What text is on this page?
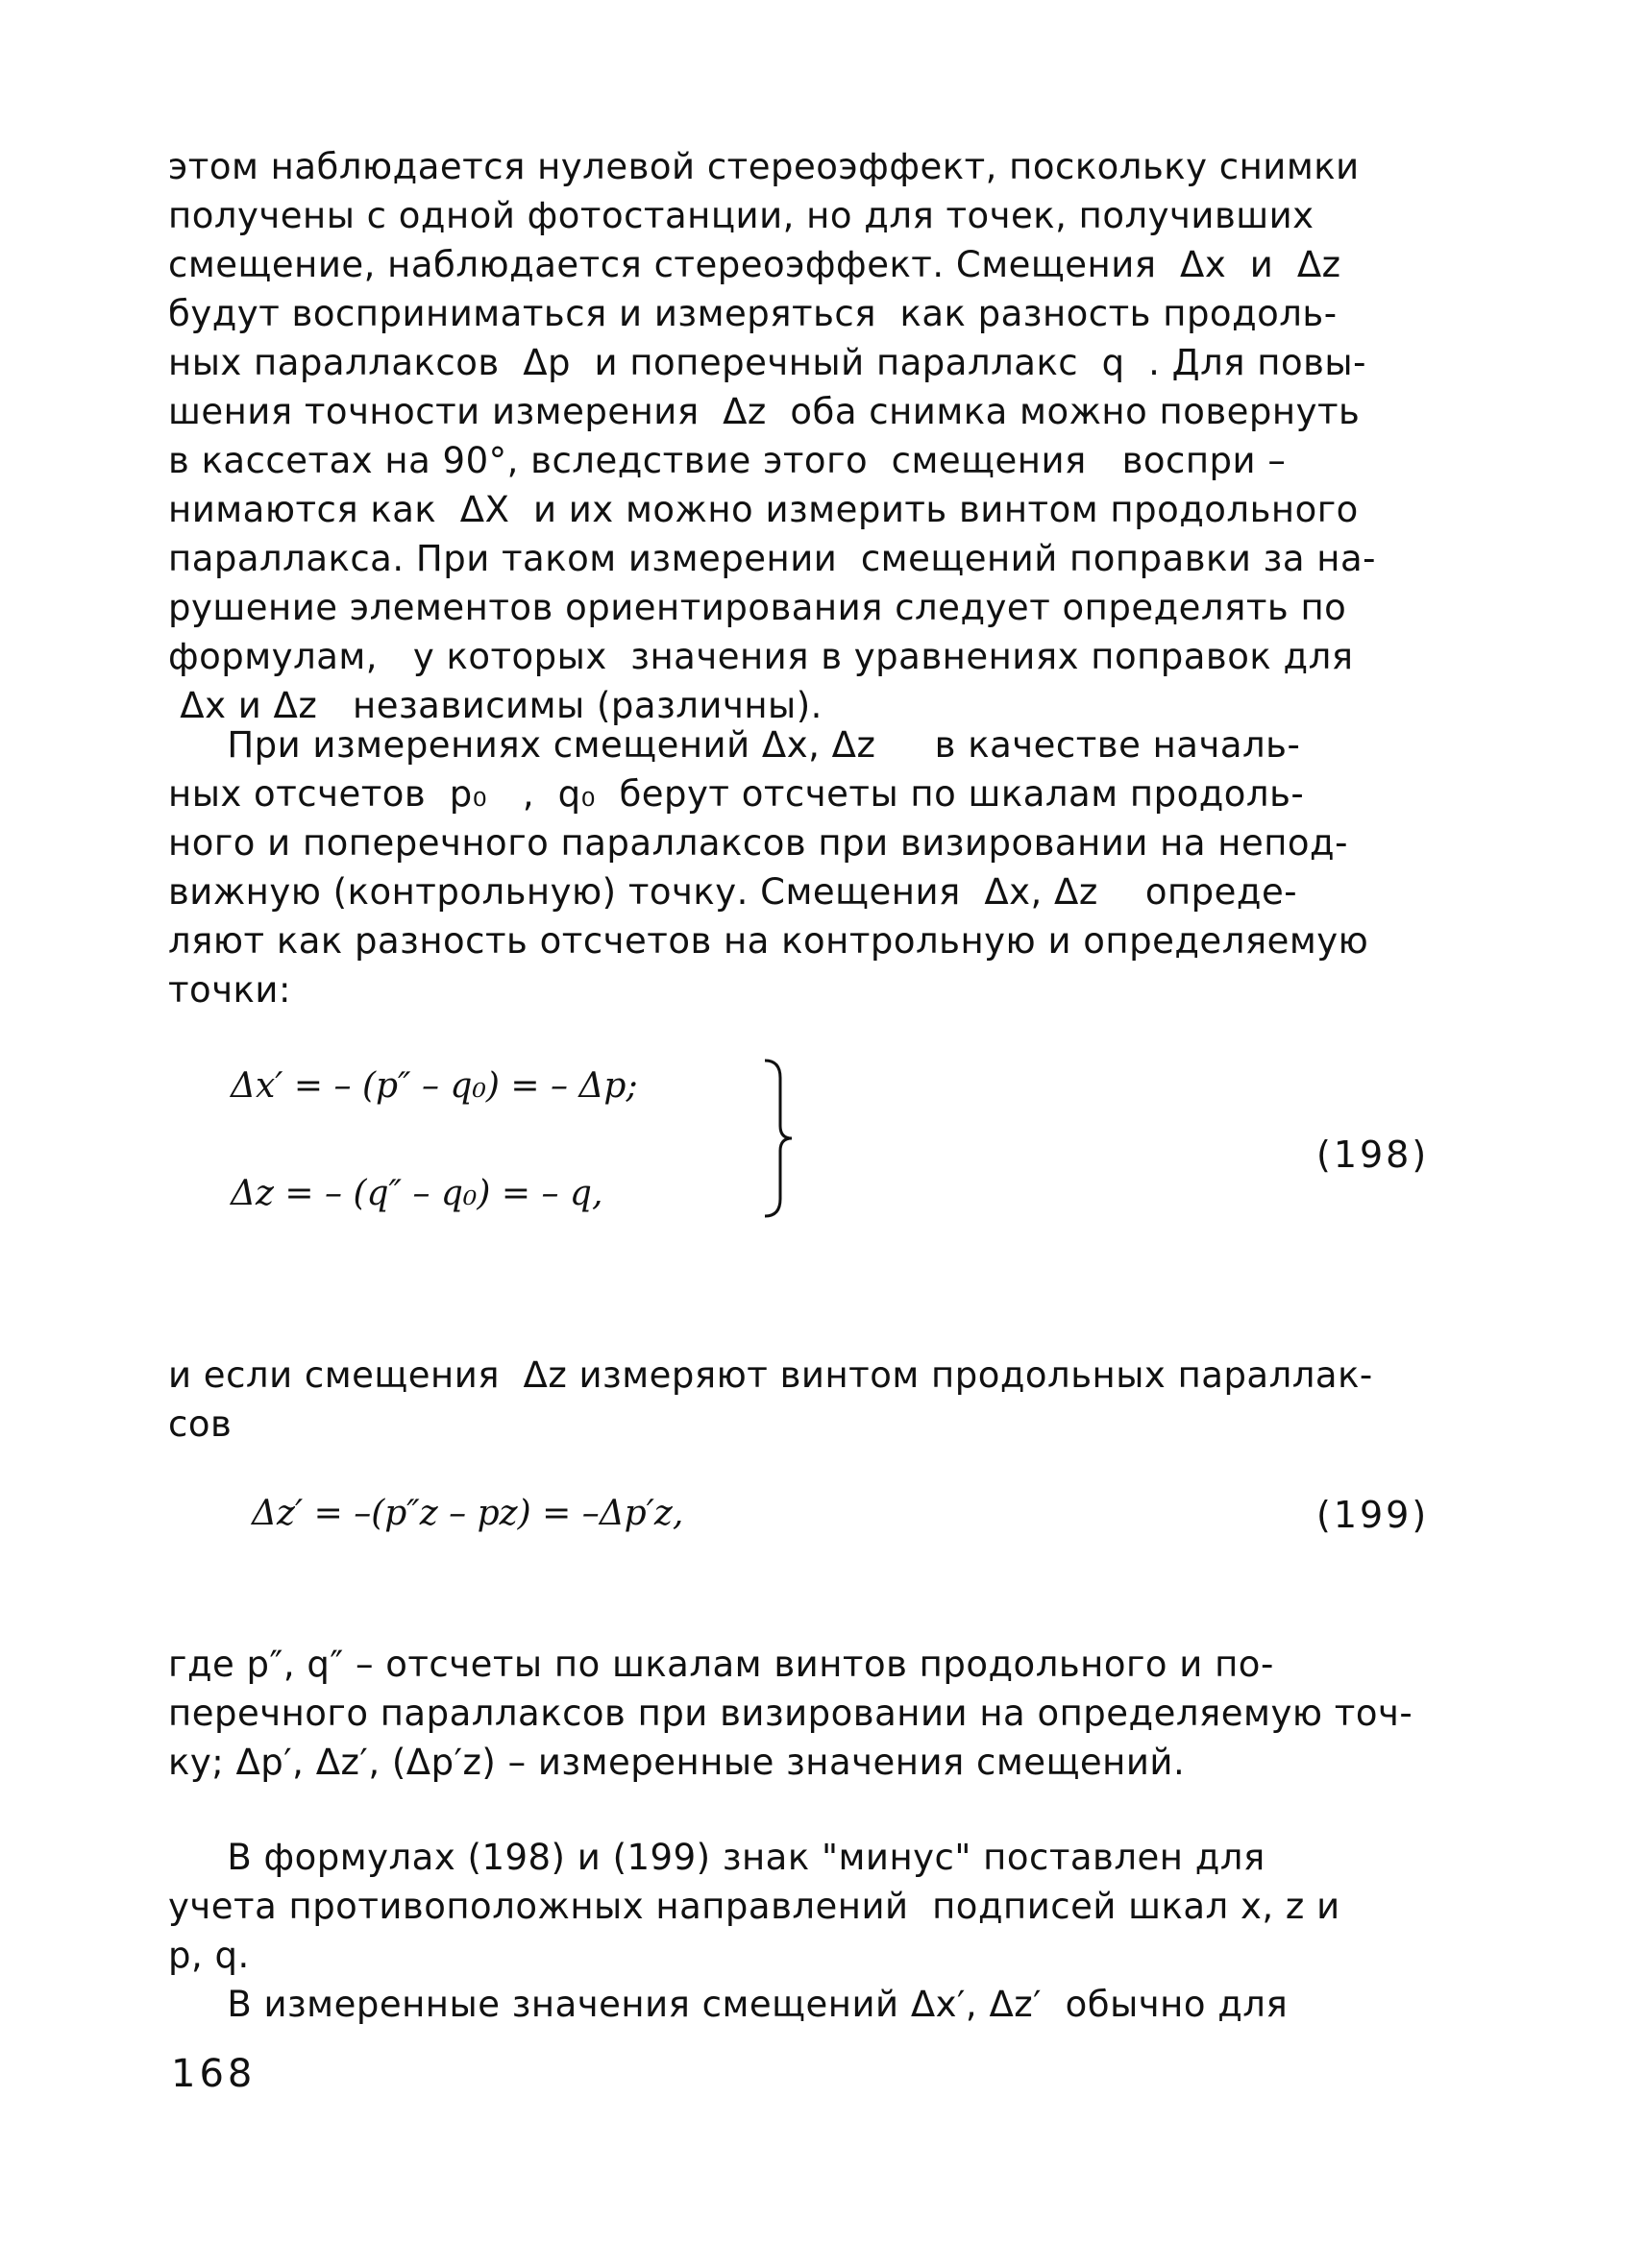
этом наблюдается нулевой стереоэффект, поскольку снимки
получены с одной фотостанции, но для точек, получивших
смещение, наблюдается стереоэффект. Смещения  Δx  и  Δz
будут восприниматься и измеряться  как разность продоль-
ных параллаксов  Δp  и поперечный параллакс  q  . Для повы-
шения точности измерения  Δz  оба снимка можно повернуть
в кассетах на 90°, вследствие этого  смещения   воспри –
нимаются как  ΔX  и их можно измерить винтом продольного
параллакса. При таком измерении  смещений поправки за на-
рушение элементов ориентирования следует определять по
формулам,   у которых  значения в уравнениях поправок для
Δx и Δz   независимы (различны).

При измерениях смещений Δx, Δz     в качестве началь-
ных отсчетов  p₀   ,  q₀  берут отсчеты по шкалам продоль-
ного и поперечного параллаксов при визировании на непод-
вижную (контрольную) точку. Смещения  Δx, Δz    опреде-
ляют как разность отсчетов на контрольную и определяемую
точки:

Δx′ = – (p″ – q₀) = – Δp;
Δz = – (q″ – q₀) = – q,
(198)

и если смещения  Δz измеряют винтом продольных параллак-
сов

Δz′ = –(p″z – pz) = –Δp′z,	(199)

где p″, q″ – отсчеты по шкалам винтов продольного и по-
перечного параллаксов при визировании на определяемую точ-
ку; Δp′, Δz′, (Δp′z) – измеренные значения смещений.

В формулах (198) и (199) знак "минус" поставлен для
учета противоположных направлений  подписей шкал x, z и
p, q.
В измеренные значения смещений Δx′, Δz′  обычно для

168
